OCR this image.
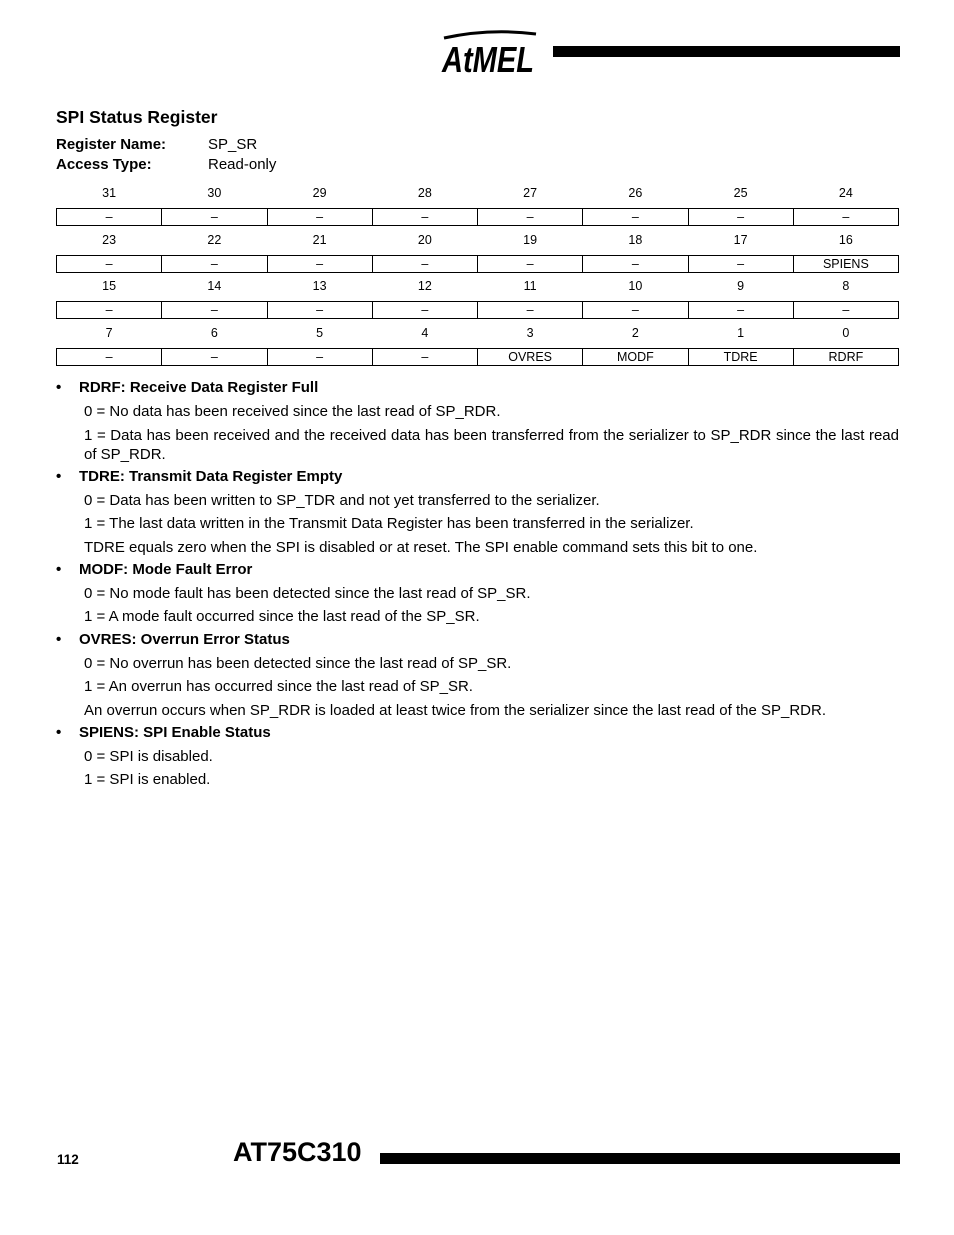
AtMEL
SPI Status Register
Register Name:	SP_SR
Access Type:	Read-only
31	30	29	28	27	26	25	24
–	–	–	–	–	–	–	–
23	22	21	20	19	18	17	16
–	–	–	–	–	–	–	SPIENS
15	14	13	12	11	10	9	8
–	–	–	–	–	–	–	–
7	6	5	4	3	2	1	0
–	–	–	–	OVRES	MODF	TDRE	RDRF
• RDRF: Receive Data Register Full
0 = No data has been received since the last read of SP_RDR.
1 = Data has been received and the received data has been transferred from the serializer to SP_RDR since the last read of SP_RDR.
• TDRE: Transmit Data Register Empty
0 = Data has been written to SP_TDR and not yet transferred to the serializer.
1 = The last data written in the Transmit Data Register has been transferred in the serializer.
TDRE equals zero when the SPI is disabled or at reset. The SPI enable command sets this bit to one.
• MODF: Mode Fault Error
0 = No mode fault has been detected since the last read of SP_SR.
1 = A mode fault occurred since the last read of the SP_SR.
• OVRES: Overrun Error Status
0 = No overrun has been detected since the last read of SP_SR.
1 = An overrun has occurred since the last read of SP_SR.
An overrun occurs when SP_RDR is loaded at least twice from the serializer since the last read of the SP_RDR.
• SPIENS: SPI Enable Status
0 = SPI is disabled.
1 = SPI is enabled.
112	AT75C310
